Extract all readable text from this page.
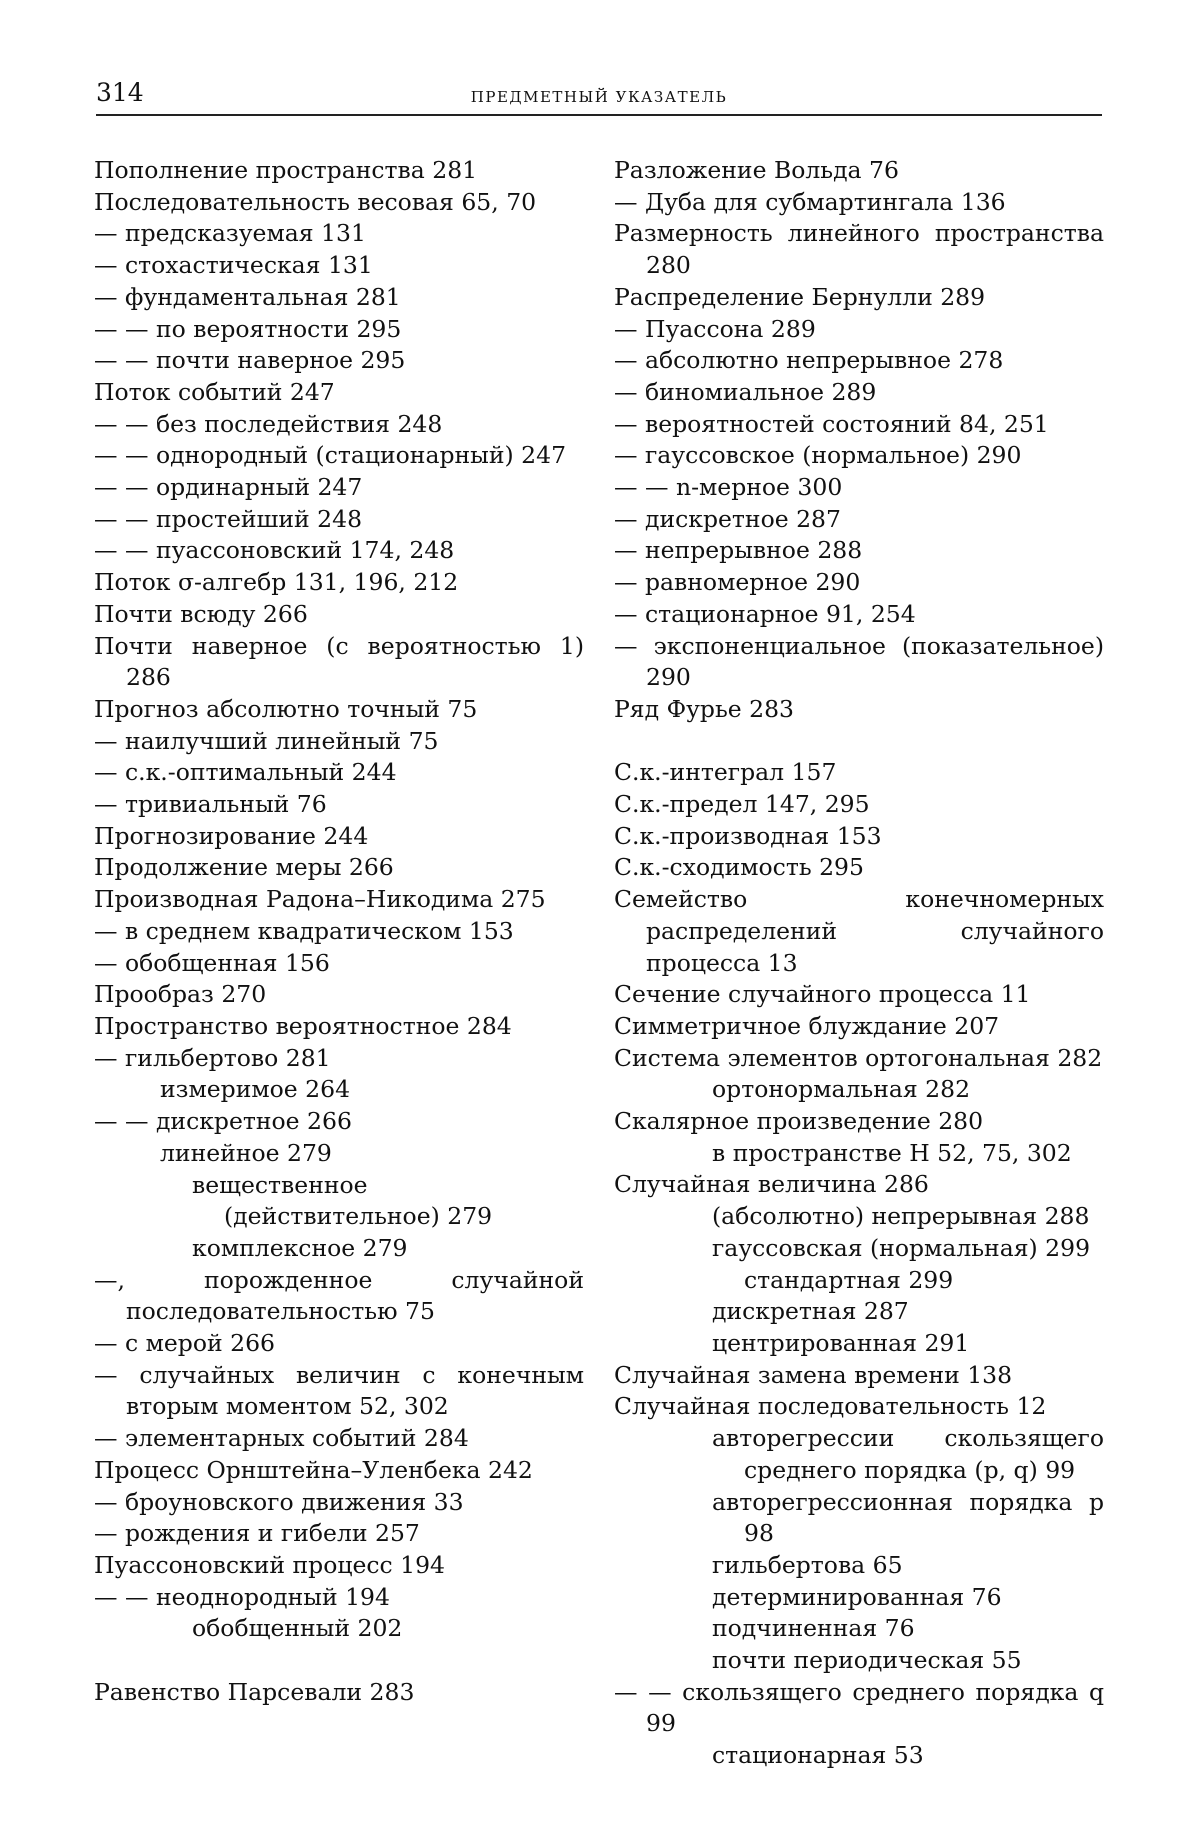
314	ПРЕДМЕТНЫЙ УКАЗАТЕЛЬ

Пополнение пространства 281

Последовательность весовая 65, 70

— предсказуемая 131

— стохастическая 131

— фундаментальная 281

— — по вероятности 295

— — почти наверное 295

Поток событий 247

— — без последействия 248

— — однородный (стационарный) 247

— — ординарный 247

— — простейший 248

— — пуассоновский 174, 248

Поток σ-алгебр 131, 196, 212

Почти всюду 266

Почти наверное (с вероятностью 1) 286

Прогноз абсолютно точный 75

— наилучший линейный 75

— с.к.-оптимальный 244

— тривиальный 76

Прогнозирование 244

Продолжение меры 266

Производная Радона–Никодима 275

— в среднем квадратическом 153

— обобщенная 156

Прообраз 270

Пространство вероятностное 284

— гильбертово 281

измеримое 264

— — дискретное 266

линейное 279

вещественное (действительное) 279

комплексное 279

—, порожденное случайной последовательностью 75

— с мерой 266

— случайных величин с конечным вторым моментом 52, 302

— элементарных событий 284

Процесс Орнштейна–Уленбека 242

— броуновского движения 33

— рождения и гибели 257

Пуассоновский процесс 194

— — неоднородный 194

обобщенный 202

Равенство Парсевали 283

Разложение Вольда 76

— Дуба для субмартингала 136

Размерность линейного пространства 280

Распределение Бернулли 289

— Пуассона 289

— абсолютно непрерывное 278

— биномиальное 289

— вероятностей состояний 84, 251

— гауссовское (нормальное) 290

— — n-мерное 300

— дискретное 287

— непрерывное 288

— равномерное 290

— стационарное 91, 254

— экспоненциальное (показательное) 290

Ряд Фурье 283

С.к.-интеграл 157

С.к.-предел 147, 295

С.к.-производная 153

С.к.-сходимость 295

Семейство конечномерных распределений случайного процесса 13

Сечение случайного процесса 11

Симметричное блуждание 207

Система элементов ортогональная 282

ортонормальная 282

Скалярное произведение 280

в пространстве H 52, 75, 302

Случайная величина 286

(абсолютно) непрерывная 288

гауссовская (нормальная) 299

стандартная 299

дискретная 287

центрированная 291

Случайная замена времени 138

Случайная последовательность 12

авторегрессии скользящего среднего порядка (p, q) 99

авторегрессионная порядка p 98

гильбертова 65

детерминированная 76

подчиненная 76

почти периодическая 55

— — скользящего среднего порядка q 99

стационарная 53
